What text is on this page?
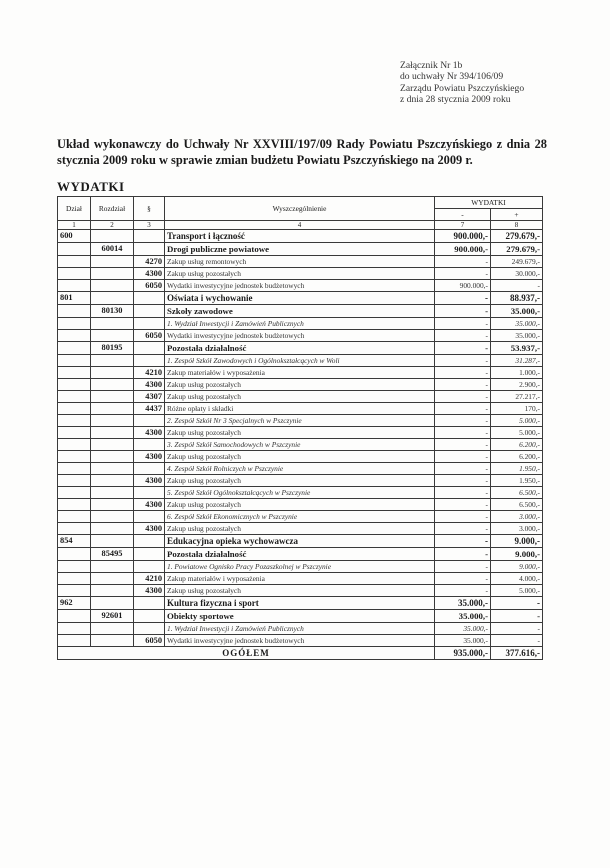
Załącznik Nr 1b
do uchwały Nr 394/106/09
Zarządu Powiatu Pszczyńskiego
z dnia 28 stycznia 2009 roku
Układ wykonawczy do Uchwały Nr XXVIII/197/09 Rady Powiatu Pszczyńskiego z dnia 28 stycznia 2009 roku w sprawie zmian budżetu Powiatu Pszczyńskiego na 2009 r.
WYDATKI
Dział	Rozdział	§	Wyszczególnienie	WYDATKI	
				-	+
1	2	3	4	7	8
600			Transport i łączność	900.000,-	279.679,-
	60014		Drogi publiczne powiatowe	900.000,-	279.679,-
		4270	Zakup usług remontowych	-	249.679,-
		4300	Zakup usług pozostałych	-	30.000,-
		6050	Wydatki inwestycyjne jednostek budżetowych	900.000,-	-
801			Oświata i wychowanie	-	88.937,-
	80130		Szkoły zawodowe	-	35.000,-
			1. Wydział Inwestycji i Zamówień Publicznych	-	35.000,-
		6050	Wydatki inwestycyjne jednostek budżetowych	-	35.000,-
	80195		Pozostała działalność	-	53.937,-
			1. Zespół Szkół Zawodowych i Ogólnokształcących w Woli	-	31.287,-
		4210	Zakup materiałów i wyposażenia	-	1.000,-
		4300	Zakup usług pozostałych	-	2.900,-
		4307	Zakup usług pozostałych	-	27.217,-
		4437	Różne opłaty i składki	-	170,-
			2. Zespół Szkół Nr 3 Specjalnych w Pszczynie	-	5.000,-
		4300	Zakup usług pozostałych	-	5.000,-
			3. Zespół Szkół Samochodowych w Pszczynie	-	6.200,-
		4300	Zakup usług pozostałych	-	6.200,-
			4. Zespół Szkół Rolniczych w Pszczynie	-	1.950,-
		4300	Zakup usług pozostałych	-	1.950,-
			5. Zespół Szkół Ogólnokształcących w Pszczynie	-	6.500,-
		4300	Zakup usług pozostałych	-	6.500,-
			6. Zespół Szkół Ekonomicznych w Pszczynie	-	3.000,-
		4300	Zakup usług pozostałych	-	3.000,-
854			Edukacyjna opieka wychowawcza	-	9.000,-
	85495		Pozostała działalność	-	9.000,-
			1. Powiatowe Ognisko Pracy Pozaszkolnej w Pszczynie	-	9.000,-
		4210	Zakup materiałów i wyposażenia	-	4.000,-
		4300	Zakup usług pozostałych	-	5.000,-
962			Kultura fizyczna i sport	35.000,-	-
	92601		Obiekty sportowe	35.000,-	-
			1. Wydział Inwestycji i Zamówień Publicznych	35.000,-	-
		6050	Wydatki inwestycyjne jednostek budżetowych	35.000,-	-
OGÓŁEM				935.000,-	377.616,-
